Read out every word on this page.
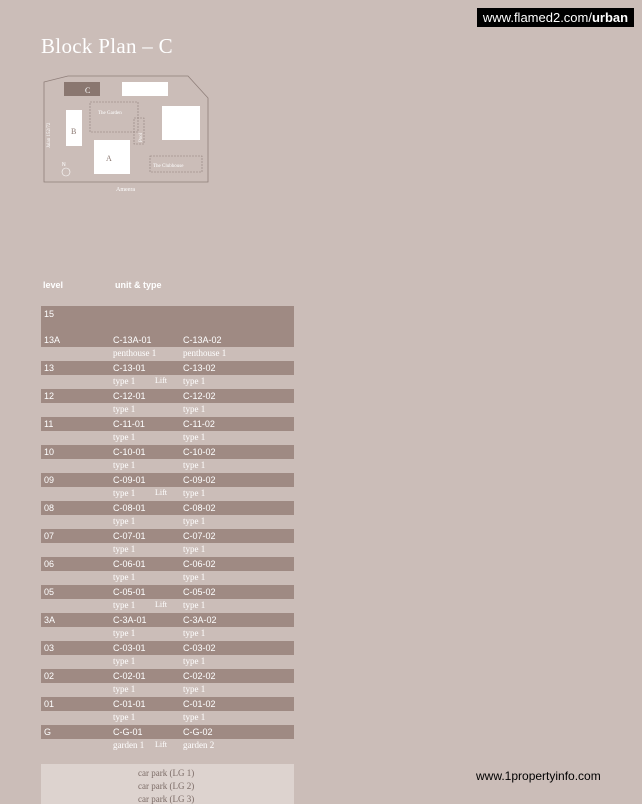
www.flamed2.com/urban
Block Plan – C
C
The Garden
B
Pool
A
The Clubhouse
Ameera
Jalan 152/72
N
level	unit & type
15
13A	C-13A-01	C-13A-02
penthouse 1	penthouse 1
13	C-13-01	C-13-02
type 1 Lift type 1
12	C-12-01	C-12-02
type 1	type 1
11	C-11-01	C-11-02
type 1	type 1
10	C-10-01	C-10-02
type 1	type 1
09	C-09-01	C-09-02
type 1 Lift type 1
08	C-08-01	C-08-02
type 1	type 1
07	C-07-01	C-07-02
type 1	type 1
06	C-06-01	C-06-02
type 1	type 1
05	C-05-01	C-05-02
type 1 Lift type 1
3A	C-3A-01	C-3A-02
type 1	type 1
03	C-03-01	C-03-02
type 1	type 1
02	C-02-01	C-02-02
type 1	type 1
01	C-01-01	C-01-02
type 1	type 1
G	C-G-01	C-G-02
garden 1 Lift garden 2
car park (LG 1)
car park (LG 2)
car park (LG 3)
www.1propertyinfo.com
